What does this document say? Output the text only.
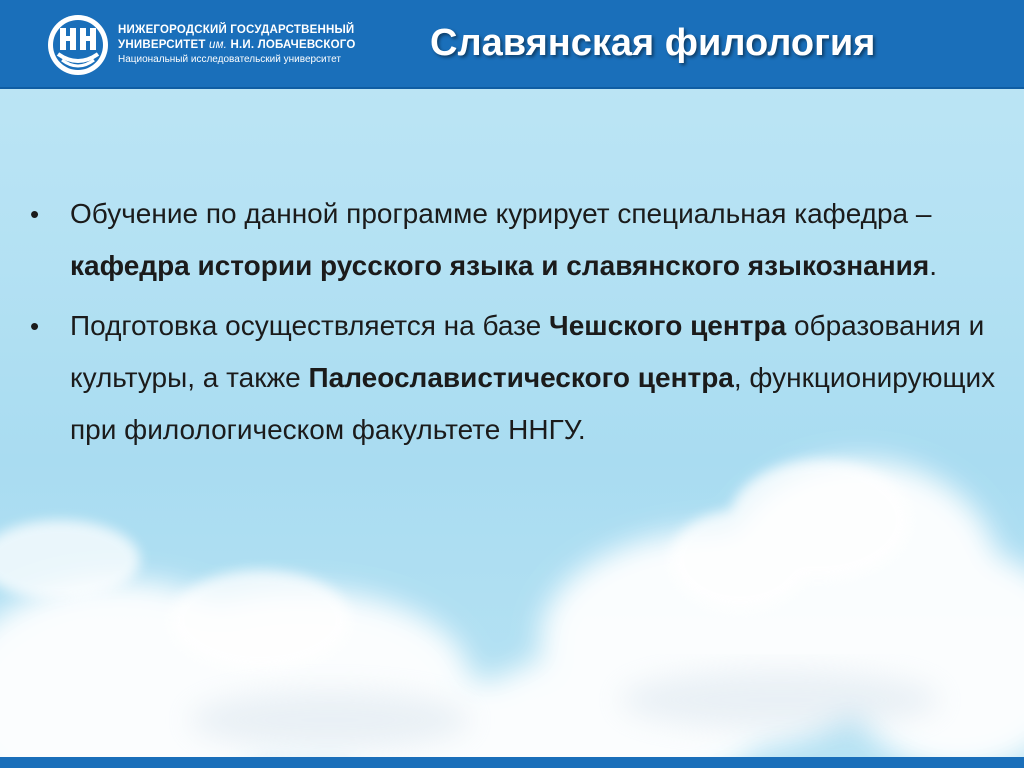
НИЖЕГОРОДСКИЙ ГОСУДАРСТВЕННЫЙ
УНИВЕРСИТЕТ им. Н.И. ЛОБАЧЕВСКОГО
Национальный исследовательский университет	Славянская филология
• Обучение по данной программе курирует специальная кафедра – кафедра истории русского языка и славянского языкознания.
• Подготовка осуществляется на базе Чешского центра образования и культуры, а также Палеославистического центра, функционирующих при филологическом факультете ННГУ.
